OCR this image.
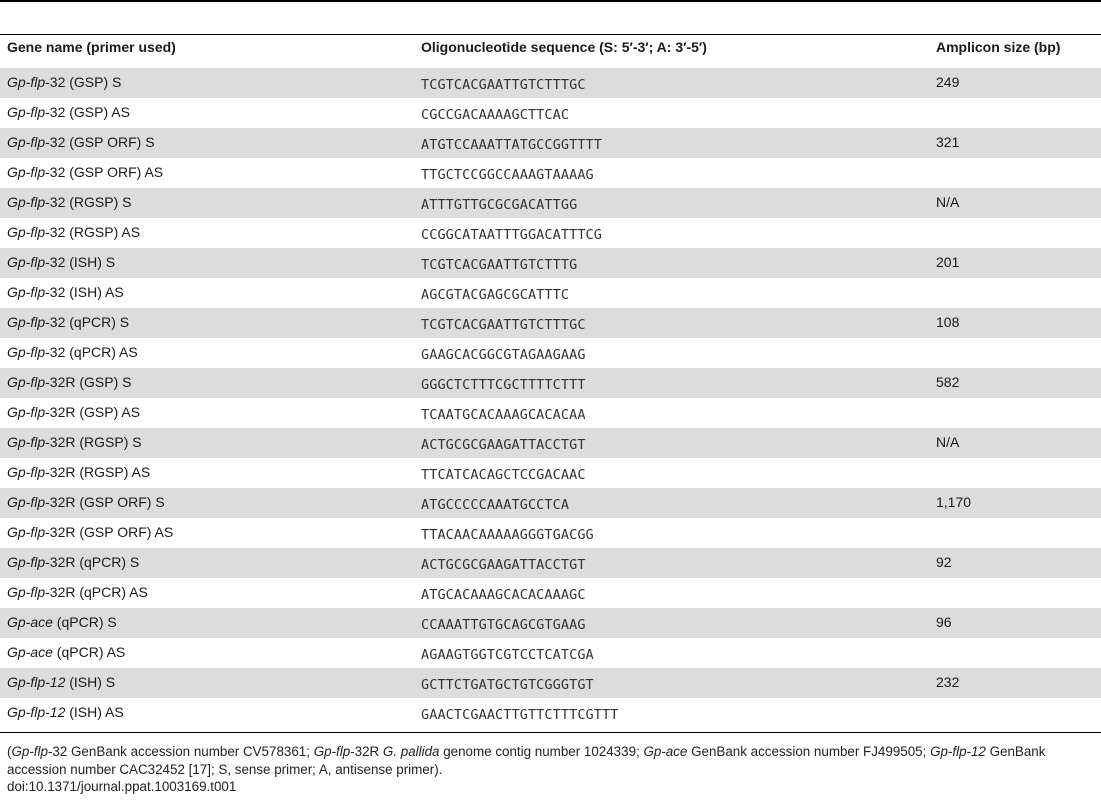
Gene name (primer used)	Oligonucleotide sequence (S: 5′-3′; A: 3′-5′)	Amplicon size (bp)
Gp-flp-32 (GSP) S	TCGTCACGAATTGTCTTTGC	249
Gp-flp-32 (GSP) AS	CGCCGACAAAAGCTTCAC
Gp-flp-32 (GSP ORF) S	ATGTCCAAATTATGCCGGTTTT	321
Gp-flp-32 (GSP ORF) AS	TTGCTCCGGCCAAAGTAAAAG
Gp-flp-32 (RGSP) S	ATTTGTTGCGCGACATTGG	N/A
Gp-flp-32 (RGSP) AS	CCGGCATAATTTGGACATTTCG
Gp-flp-32 (ISH) S	TCGTCACGAATTGTCTTTG	201
Gp-flp-32 (ISH) AS	AGCGTACGAGCGCATTTC
Gp-flp-32 (qPCR) S	TCGTCACGAATTGTCTTTGC	108
Gp-flp-32 (qPCR) AS	GAAGCACGGCGTAGAAGAAG
Gp-flp-32R (GSP) S	GGGCTCTTTCGCTTTTCTTT	582
Gp-flp-32R (GSP) AS	TCAATGCACAAAGCACACAA
Gp-flp-32R (RGSP) S	ACTGCGCGAAGATTACCTGT	N/A
Gp-flp-32R (RGSP) AS	TTCATCACAGCTCCGACAAC
Gp-flp-32R (GSP ORF) S	ATGCCCCCAAATGCCTCA	1,170
Gp-flp-32R (GSP ORF) AS	TTACAACAAAAAGGGTGACGG
Gp-flp-32R (qPCR) S	ACTGCGCGAAGATTACCTGT	92
Gp-flp-32R (qPCR) AS	ATGCACAAAGCACACAAAGC
Gp-ace (qPCR) S	CCAAATTGTGCAGCGTGAAG	96
Gp-ace (qPCR) AS	AGAAGTGGTCGTCCTCATCGA
Gp-flp-12 (ISH) S	GCTTCTGATGCTGTCGGGTGT	232
Gp-flp-12 (ISH) AS	GAACTCGAACTTGTTCTTTCGTTT
(Gp-flp-32 GenBank accession number CV578361; Gp-flp-32R G. pallida genome contig number 1024339; Gp-ace GenBank accession number FJ499505; Gp-flp-12 GenBank accession number CAC32452 [17]; S, sense primer; A, antisense primer).
doi:10.1371/journal.ppat.1003169.t001
